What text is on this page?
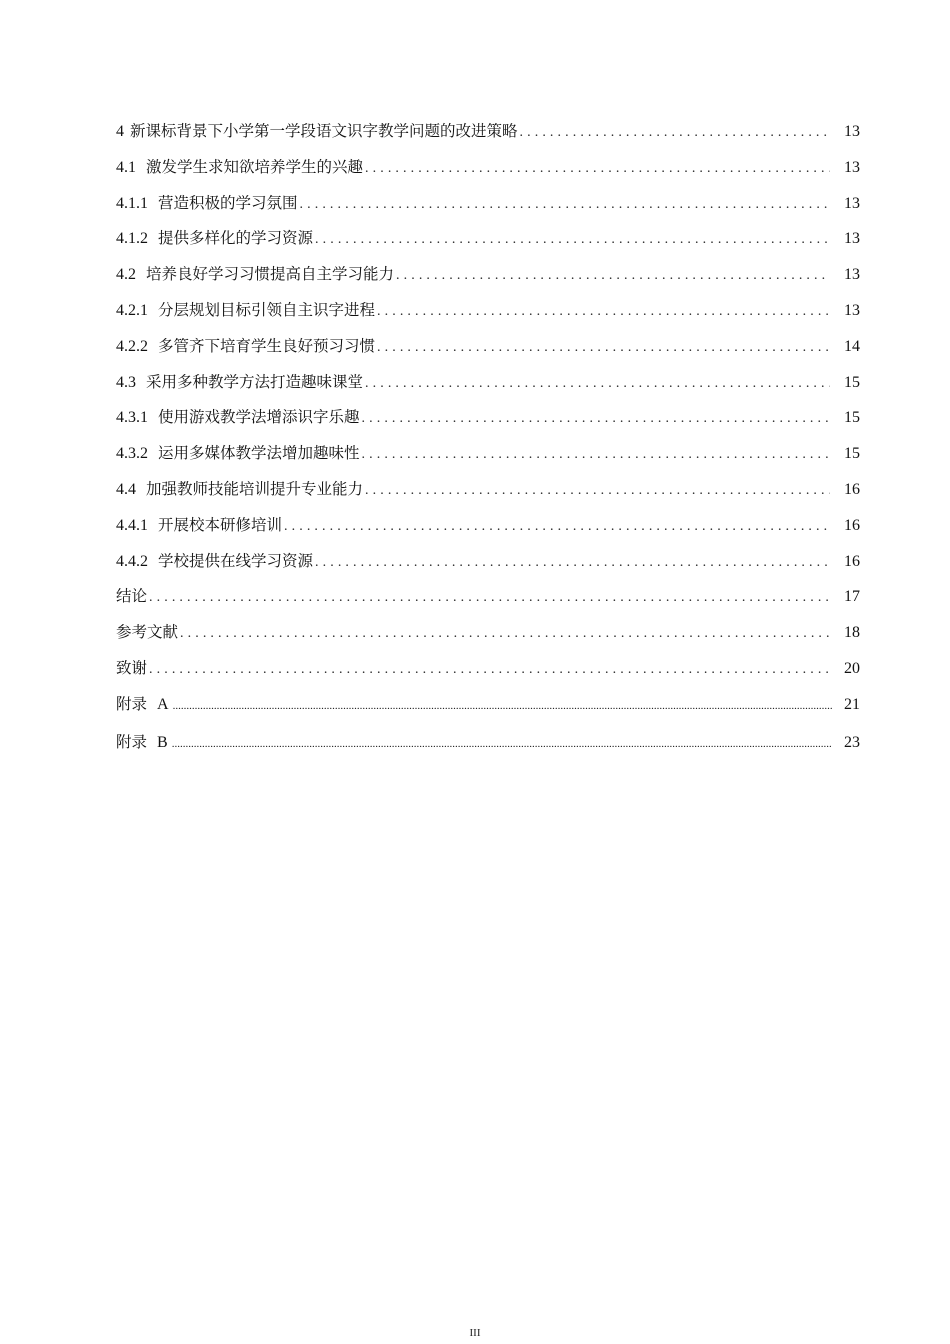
4 新课标背景下小学第一学段语文识字教学问题的改进策略 . . .	13
4.1 激发学生求知欲培养学生的兴趣 . . .	13
4.1.1 营造积极的学习氛围 . . .	13
4.1.2 提供多样化的学习资源 . . .	13
4.2 培养良好学习习惯提高自主学习能力 . . .	13
4.2.1 分层规划目标引领自主识字进程 . . .	13
4.2.2 多管齐下培育学生良好预习习惯 . . .	14
4.3 采用多种教学方法打造趣味课堂 . . .	15
4.3.1 使用游戏教学法增添识字乐趣 . . .	15
4.3.2 运用多媒体教学法增加趣味性 . . .	15
4.4 加强教师技能培训提升专业能力 . . .	16
4.4.1 开展校本研修培训 . . .	16
4.4.2 学校提供在线学习资源 . . .	16
结论 . . .	17
参考文献 . . .	18
致谢 . . .	20
附录 A .....	21
附录 B .....	23
III
